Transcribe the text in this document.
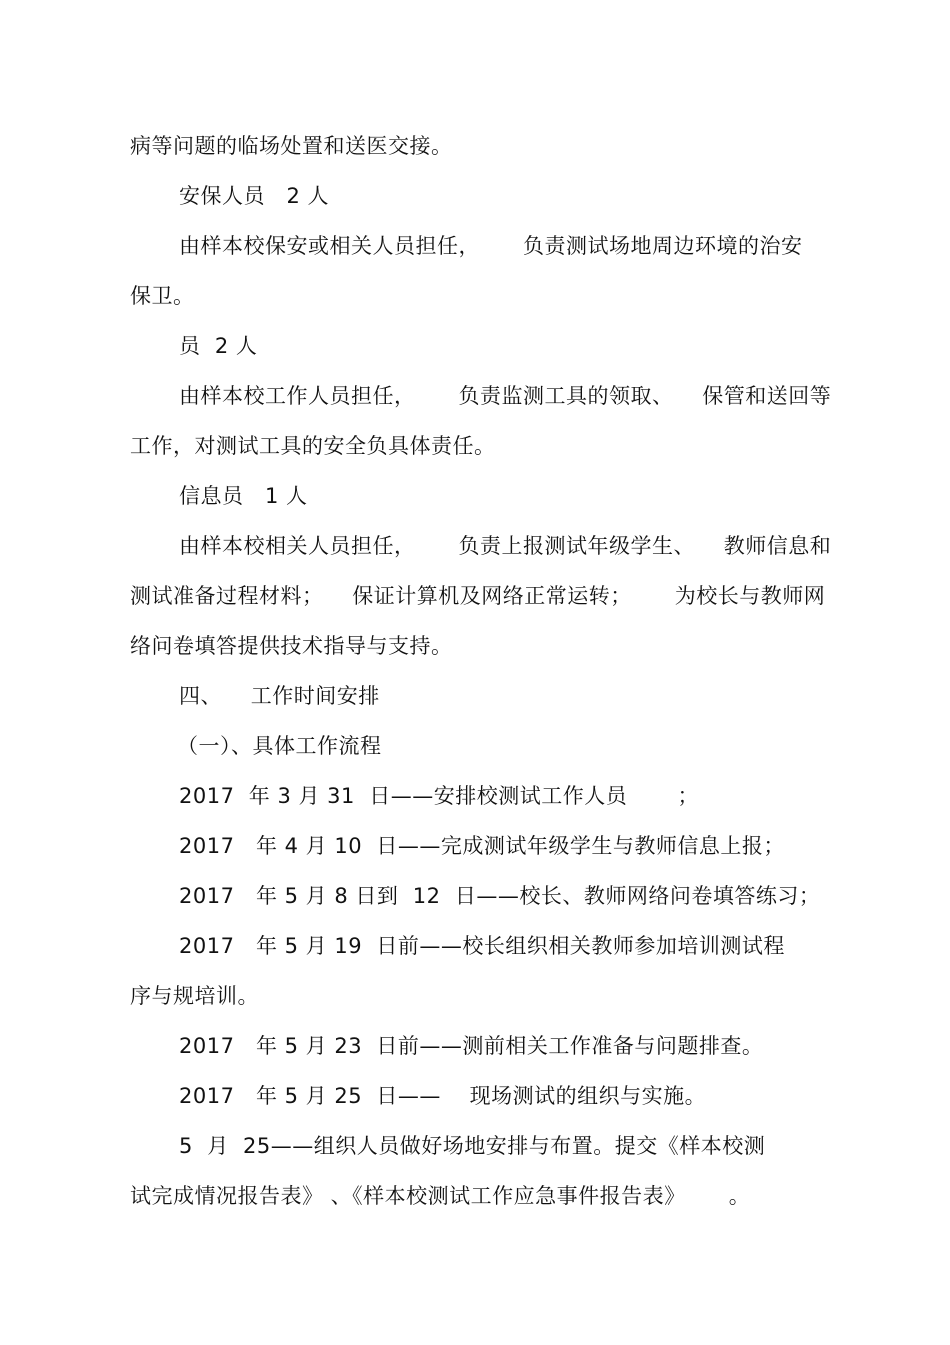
病等问题的临场处置和送医交接。

安保人员   2 人

由样本校保安或相关人员担任，      负责测试场地周边环境的治安

保卫。

员  2 人

由样本校工作人员担任，      负责监测工具的领取、    保管和送回等

工作，对测试工具的安全负具体责任。

信息员   1 人

由样本校相关人员担任，      负责上报测试年级学生、    教师信息和

测试准备过程材料；    保证计算机及网络正常运转；      为校长与教师网

络问卷填答提供技术指导与支持。

四、    工作时间安排

（一）、具体工作流程

2017  年 3 月 31  日——安排校测试工作人员       ；

2017   年 4 月 10  日——完成测试年级学生与教师信息上报；

2017   年 5 月 8 日到  12  日——校长、教师网络问卷填答练习；

2017   年 5 月 19  日前——校长组织相关教师参加培训测试程

序与规培训。

2017   年 5 月 23  日前——测前相关工作准备与问题排查。

2017   年 5 月 25  日——    现场测试的组织与实施。

5  月  25——组织人员做好场地安排与布置。提交《样本校测

试完成情况报告表》 、《样本校测试工作应急事件报告表》      。
